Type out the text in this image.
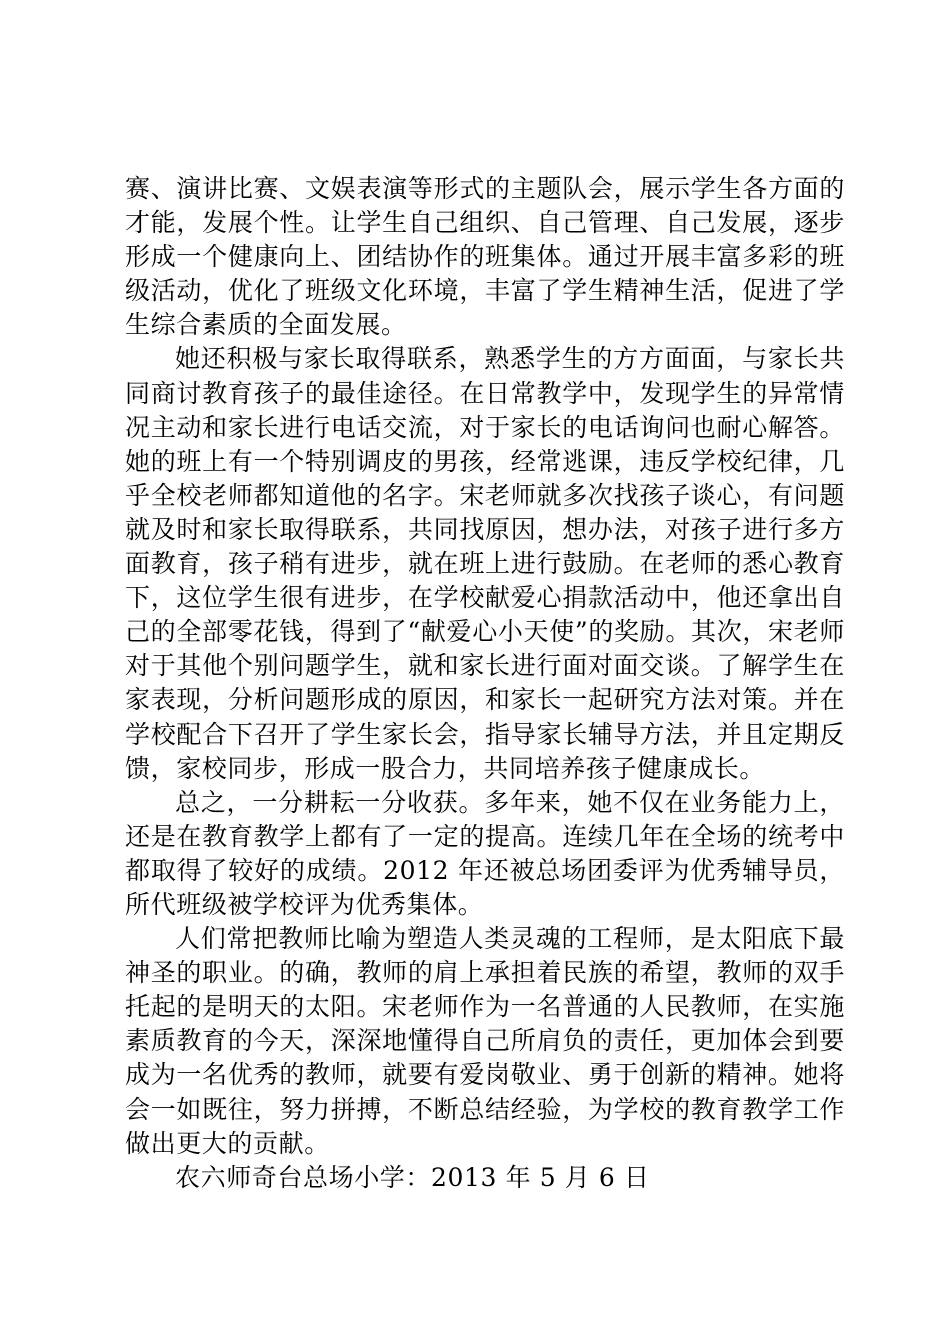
赛、演讲比赛、文娱表演等形式的主题队会，展示学生各方面的才能，发展个性。让学生自己组织、自己管理、自己发展，逐步形成一个健康向上、团结协作的班集体。通过开展丰富多彩的班级活动，优化了班级文化环境，丰富了学生精神生活，促进了学生综合素质的全面发展。

她还积极与家长取得联系，熟悉学生的方方面面，与家长共同商讨教育孩子的最佳途径。在日常教学中，发现学生的异常情况主动和家长进行电话交流，对于家长的电话询问也耐心解答。她的班上有一个特别调皮的男孩，经常逃课，违反学校纪律，几乎全校老师都知道他的名字。宋老师就多次找孩子谈心，有问题就及时和家长取得联系，共同找原因，想办法，对孩子进行多方面教育，孩子稍有进步，就在班上进行鼓励。在老师的悉心教育下，这位学生很有进步，在学校献爱心捐款活动中，他还拿出自己的全部零花钱，得到了“献爱心小天使”的奖励。其次，宋老师对于其他个别问题学生，就和家长进行面对面交谈。了解学生在家表现，分析问题形成的原因，和家长一起研究方法对策。并在学校配合下召开了学生家长会，指导家长辅导方法，并且定期反馈，家校同步，形成一股合力，共同培养孩子健康成长。

总之，一分耕耘一分收获。多年来，她不仅在业务能力上，还是在教育教学上都有了一定的提高。连续几年在全场的统考中都取得了较好的成绩。2012 年还被总场团委评为优秀辅导员，所代班级被学校评为优秀集体。

人们常把教师比喻为塑造人类灵魂的工程师，是太阳底下最神圣的职业。的确，教师的肩上承担着民族的希望，教师的双手托起的是明天的太阳。宋老师作为一名普通的人民教师，在实施素质教育的今天，深深地懂得自己所肩负的责任，更加体会到要成为一名优秀的教师，就要有爱岗敬业、勇于创新的精神。她将会一如既往，努力拼搏，不断总结经验，为学校的教育教学工作做出更大的贡献。

农六师奇台总场小学：2013 年 5 月 6 日
